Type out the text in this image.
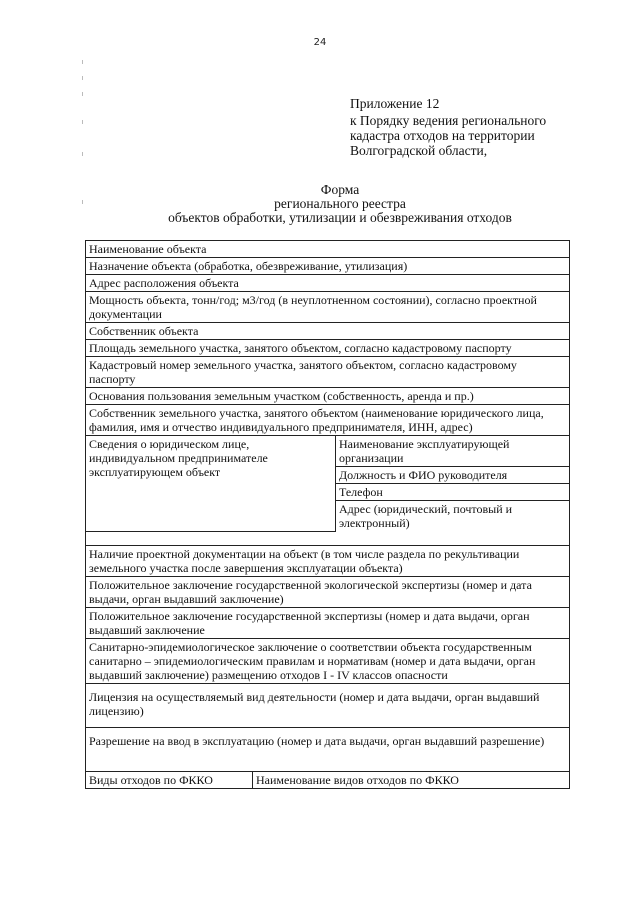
24
Приложение 12
к Порядку ведения регионального
кадастра отходов на территории
Волгоградской области,
Форма
регионального реестра
объектов обработки, утилизации и обезвреживания отходов
Наименование объекта	
Назначение объекта (обработка, обезвреживание, утилизация)	
Адрес расположения объекта	
Мощность объекта, тонн/год; м3/год (в неуплотненном состоянии), согласно проектной документации	
Собственник объекта	
Площадь земельного участка, занятого объектом, согласно кадастровому паспорту	
Кадастровый номер земельного участка, занятого объектом, согласно кадастровому паспорту	
Основания пользования земельным участком (собственность, аренда и пр.)	
Собственник земельного участка, занятого объектом (наименование юридического лица, фамилия, имя и отчество индивидуального предпринимателя, ИНН, адрес)	

Сведения о юридическом лице, индивидуальном предпринимателе эксплуатирующем объект	Наименование эксплуатирующей организации
Должность и ФИО руководителя
Телефон
Адрес (юридический, почтовый и электронный)

Наличие проектной документации на объект (в том числе раздела по рекультивации земельного участка после завершения эксплуатации объекта)	
Положительное заключение государственной экологической экспертизы (номер и дата выдачи, орган выдавший заключение)	
Положительное заключение государственной экспертизы (номер и дата выдачи, орган выдавший заключение	
Санитарно-эпидемиологическое заключение о соответствии объекта государственным санитарно – эпидемиологическим правилам и нормативам (номер и дата выдачи, орган выдавший заключение) размещению отходов I - IV классов опасности	
Лицензия на осуществляемый вид деятельности (номер и дата выдачи, орган выдавший лицензию)	
Разрешение на ввод в эксплуатацию (номер и дата выдачи, орган выдавший разрешение)	

Виды отходов по ФККО	Наименование видов отходов по ФККО
